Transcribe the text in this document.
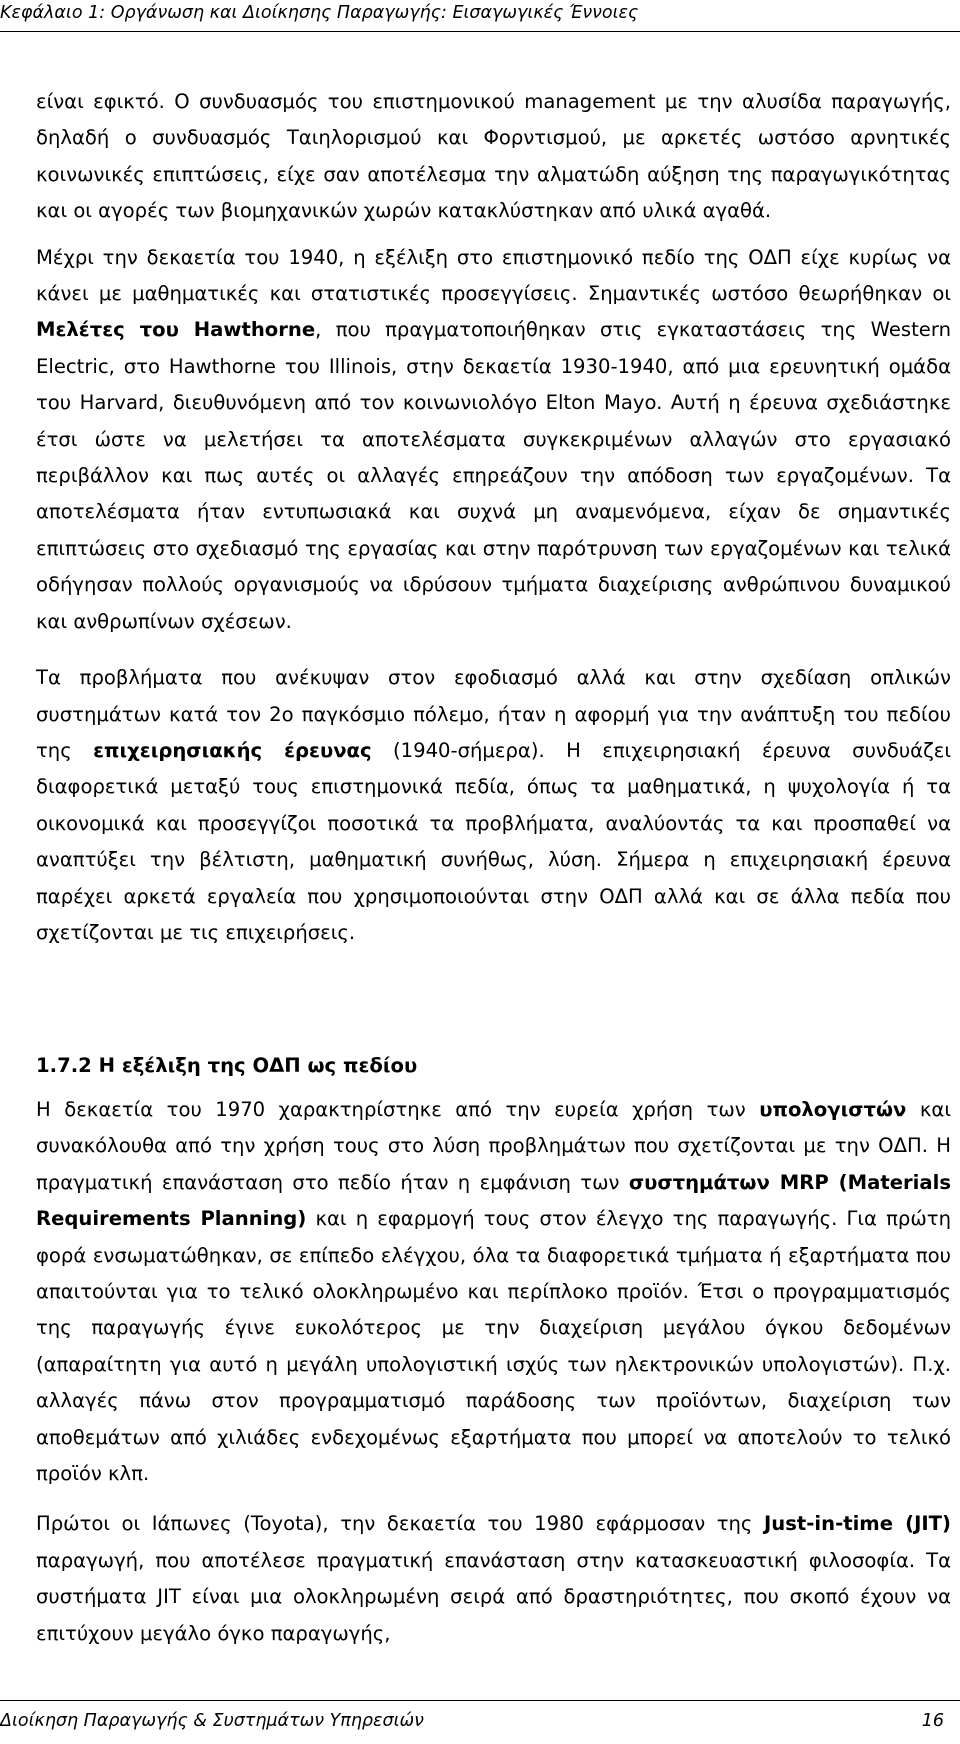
Κεφάλαιο 1: Οργάνωση και Διοίκησης Παραγωγής: Εισαγωγικές Έννοιες

είναι εφικτό. Ο συνδυασμός του επιστημονικού management με την αλυσίδα παραγωγής, δηλαδή ο συνδυασμός Ταιηλορισμού και Φορντισμού, με αρκετές ωστόσο αρνητικές κοινωνικές επιπτώσεις, είχε σαν αποτέλεσμα την αλματώδη αύξηση της παραγωγικότητας και οι αγορές των βιομηχανικών χωρών κατακλύστηκαν από υλικά αγαθά.

Μέχρι την δεκαετία του 1940, η εξέλιξη στο επιστημονικό πεδίο της ΟΔΠ είχε κυρίως να κάνει με μαθηματικές και στατιστικές προσεγγίσεις. Σημαντικές ωστόσο θεωρήθηκαν οι Μελέτες του Hawthorne, που πραγματοποιήθηκαν στις εγκαταστάσεις της Western Electric, στο Hawthorne του Illinois, στην δεκαετία 1930-1940, από μια ερευνητική ομάδα του Harvard, διευθυνόμενη από τον κοινωνιολόγο Elton Mayo. Αυτή η έρευνα σχεδιάστηκε έτσι ώστε να μελετήσει τα αποτελέσματα συγκεκριμένων αλλαγών στο εργασιακό περιβάλλον και πως αυτές οι αλλαγές επηρεάζουν την απόδοση των εργαζομένων. Τα αποτελέσματα ήταν εντυπωσιακά και συχνά μη αναμενόμενα, είχαν δε σημαντικές επιπτώσεις στο σχεδιασμό της εργασίας και στην παρότρυνση των εργαζομένων και τελικά οδήγησαν πολλούς οργανισμούς να ιδρύσουν τμήματα διαχείρισης ανθρώπινου δυναμικού και ανθρωπίνων σχέσεων.

Τα προβλήματα που ανέκυψαν στον εφοδιασμό αλλά και στην σχεδίαση οπλικών συστημάτων κατά τον 2ο παγκόσμιο πόλεμο, ήταν η αφορμή για την ανάπτυξη του πεδίου της επιχειρησιακής έρευνας (1940-σήμερα). Η επιχειρησιακή έρευνα συνδυάζει διαφορετικά μεταξύ τους επιστημονικά πεδία, όπως τα μαθηματικά, η ψυχολογία ή τα οικονομικά και προσεγγίζοι ποσοτικά τα προβλήματα, αναλύοντάς τα και προσπαθεί να αναπτύξει την βέλτιστη, μαθηματική συνήθως, λύση. Σήμερα η επιχειρησιακή έρευνα παρέχει αρκετά εργαλεία που χρησιμοποιούνται στην ΟΔΠ αλλά και σε άλλα πεδία που σχετίζονται με τις επιχειρήσεις.

1.7.2 Η εξέλιξη της ΟΔΠ ως πεδίου

Η δεκαετία του 1970 χαρακτηρίστηκε από την ευρεία χρήση των υπολογιστών και συνακόλουθα από την χρήση τους στο λύση προβλημάτων που σχετίζονται με την ΟΔΠ. Η πραγματική επανάσταση στο πεδίο ήταν η εμφάνιση των συστημάτων MRP (Materials Requirements Planning) και η εφαρμογή τους στον έλεγχο της παραγωγής. Για πρώτη φορά ενσωματώθηκαν, σε επίπεδο ελέγχου, όλα τα διαφορετικά τμήματα ή εξαρτήματα που απαιτούνται για το τελικό ολοκληρωμένο και περίπλοκο προϊόν. Έτσι ο προγραμματισμός της παραγωγής έγινε ευκολότερος με την διαχείριση μεγάλου όγκου δεδομένων (απαραίτητη για αυτό η μεγάλη υπολογιστική ισχύς των ηλεκτρονικών υπολογιστών). Π.χ. αλλαγές πάνω στον προγραμματισμό παράδοσης των προϊόντων, διαχείριση των αποθεμάτων από χιλιάδες ενδεχομένως εξαρτήματα που μπορεί να αποτελούν το τελικό προϊόν κλπ.

Πρώτοι οι Ιάπωνες (Toyota), την δεκαετία του 1980 εφάρμοσαν της Just-in-time (JIT) παραγωγή, που αποτέλεσε πραγματική επανάσταση στην κατασκευαστική φιλοσοφία. Τα συστήματα JIT είναι μια ολοκληρωμένη σειρά από δραστηριότητες, που σκοπό έχουν να επιτύχουν μεγάλο όγκο παραγωγής,

Διοίκηση Παραγωγής & Συστημάτων Υπηρεσιών	16
